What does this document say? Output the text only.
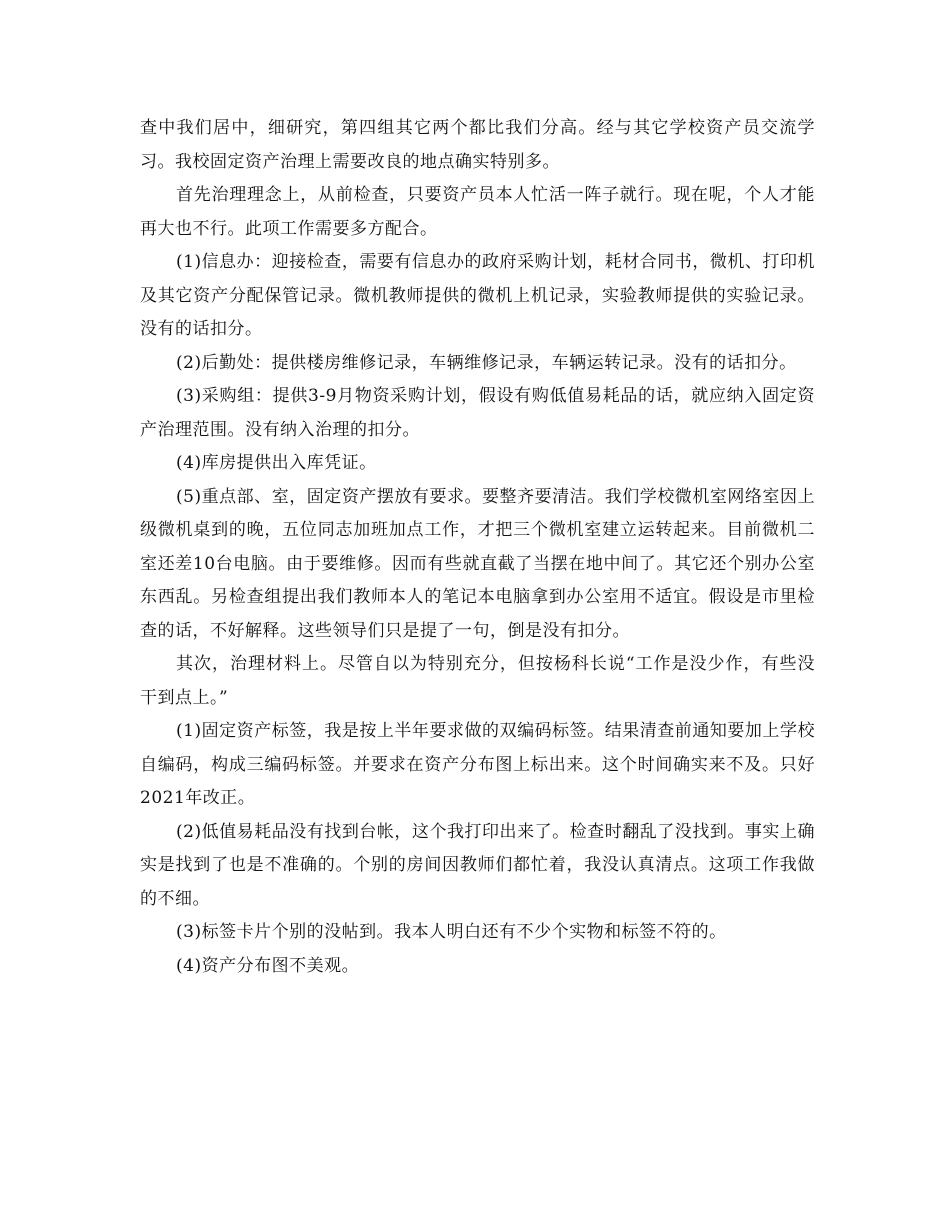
查中我们居中，细研究，第四组其它两个都比我们分高。经与其它学校资产员交流学习。我校固定资产治理上需要改良的地点确实特别多。

首先治理理念上，从前检查，只要资产员本人忙活一阵子就行。现在呢，个人才能再大也不行。此项工作需要多方配合。

(1)信息办：迎接检查，需要有信息办的政府采购计划，耗材合同书，微机、打印机及其它资产分配保管记录。微机教师提供的微机上机记录，实验教师提供的实验记录。没有的话扣分。

(2)后勤处：提供楼房维修记录，车辆维修记录，车辆运转记录。没有的话扣分。

(3)采购组：提供3-9月物资采购计划，假设有购低值易耗品的话，就应纳入固定资产治理范围。没有纳入治理的扣分。

(4)库房提供出入库凭证。

(5)重点部、室，固定资产摆放有要求。要整齐要清洁。我们学校微机室网络室因上级微机桌到的晚，五位同志加班加点工作，才把三个微机室建立运转起来。目前微机二室还差10台电脑。由于要维修。因而有些就直截了当摆在地中间了。其它还个别办公室东西乱。另检查组提出我们教师本人的笔记本电脑拿到办公室用不适宜。假设是市里检查的话，不好解释。这些领导们只是提了一句，倒是没有扣分。

其次，治理材料上。尽管自以为特别充分，但按杨科长说“工作是没少作，有些没干到点上。”

(1)固定资产标签，我是按上半年要求做的双编码标签。结果清查前通知要加上学校自编码，构成三编码标签。并要求在资产分布图上标出来。这个时间确实来不及。只好2021年改正。

(2)低值易耗品没有找到台帐，这个我打印出来了。检查时翻乱了没找到。事实上确实是找到了也是不准确的。个别的房间因教师们都忙着，我没认真清点。这项工作我做的不细。

(3)标签卡片个别的没帖到。我本人明白还有不少个实物和标签不符的。

(4)资产分布图不美观。
